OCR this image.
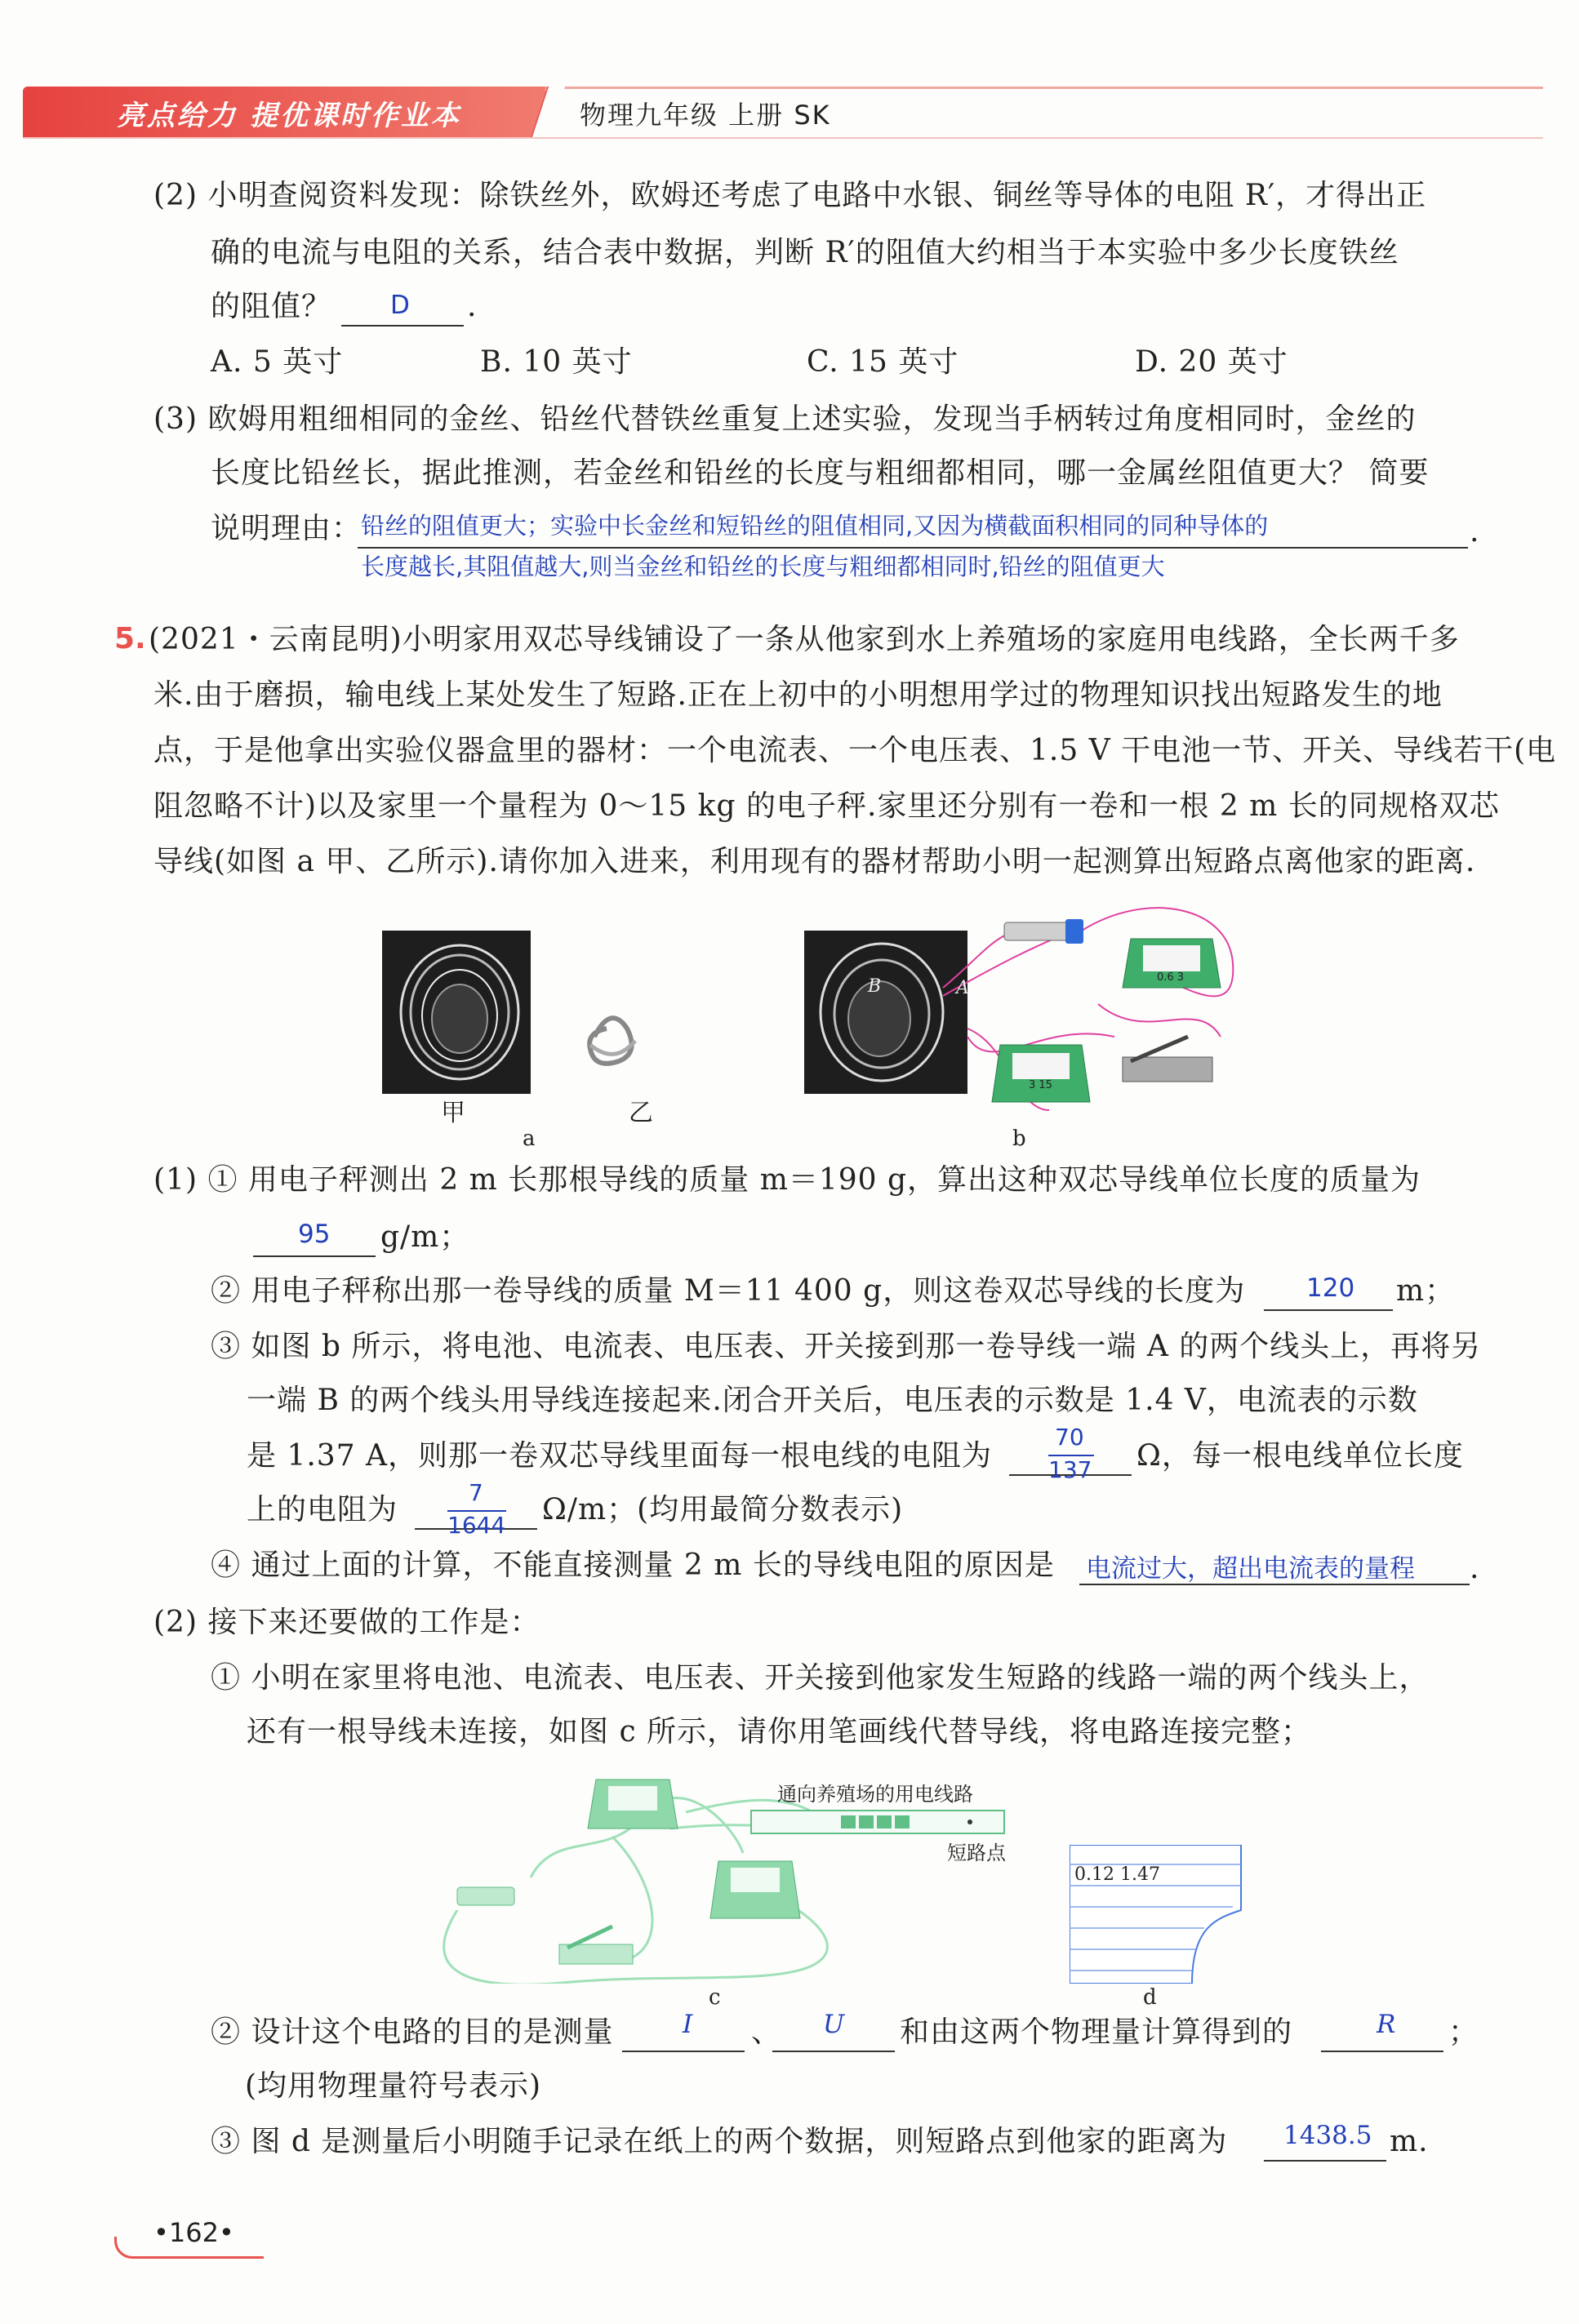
亮点给力 提优课时作业本	物理九年级 上册 SK
(2) 小明查阅资料发现：除铁丝外，欧姆还考虑了电路中水银、铜丝等导体的电阻 R′，才得出正
确的电流与电阻的关系，结合表中数据，判断 R′的阻值大约相当于本实验中多少长度铁丝
的阻值？ D .
A. 5 英寸	B. 10 英寸	C. 15 英寸	D. 20 英寸
(3) 欧姆用粗细相同的金丝、铅丝代替铁丝重复上述实验，发现当手柄转过角度相同时，金丝的
长度比铅丝长，据此推测，若金丝和铅丝的长度与粗细都相同，哪一金属丝阻值更大？ 简要
说明理由：
铅丝的阻值更大；实验中长金丝和短铅丝的阻值相同,又因为横截面积相同的同种导体的	.
长度越长,其阻值越大,则当金丝和铅丝的长度与粗细都相同时,铅丝的阻值更大
5. (2021・云南昆明)小明家用双芯导线铺设了一条从他家到水上养殖场的家庭用电线路，全长两千多
米.由于磨损，输电线上某处发生了短路.正在上初中的小明想用学过的物理知识找出短路发生的地
点，于是他拿出实验仪器盒里的器材：一个电流表、一个电压表、1.5 V 干电池一节、开关、导线若干(电
阻忽略不计)以及家里一个量程为 0～15 kg 的电子秤.家里还分别有一卷和一根 2 m 长的同规格双芯
导线(如图 a 甲、乙所示).请你加入进来，利用现有的器材帮助小明一起测算出短路点离他家的距离.
甲	乙
a
A
B	0.6 3
3 15
b
(1) ① 用电子秤测出 2 m 长那根导线的质量 m＝190 g，算出这种双芯导线单位长度的质量为
95 g/m；
② 用电子秤称出那一卷导线的质量 M＝11 400 g，则这卷双芯导线的长度为 120 m；
③ 如图 b 所示，将电池、电流表、电压表、开关接到那一卷导线一端 A 的两个线头上，再将另
一端 B 的两个线头用导线连接起来.闭合开关后，电压表的示数是 1.4 V，电流表的示数
是 1.37 A，则那一卷双芯导线里面每一根电线的电阻为
70
137 Ω，每一根电线单位长度
上的电阻为
7
1644 Ω/m；(均用最简分数表示)
④ 通过上面的计算，不能直接测量 2 m 长的导线电阻的原因是 电流过大，超出电流表的量程 .
(2) 接下来还要做的工作是：
① 小明在家里将电池、电流表、电压表、开关接到他家发生短路的线路一端的两个线头上，
还有一根导线未连接，如图 c 所示，请你用笔画线代替导线，将电路连接完整；
通向养殖场的用电线路
短路点
c
0.12 1.47
d
② 设计这个电路的目的是测量	I 、 U 和由这两个物理量计算得到的	R ；
(均用物理量符号表示)
③ 图 d 是测量后小明随手记录在纸上的两个数据，则短路点到他家的距离为 1438.5 m.
•162•
